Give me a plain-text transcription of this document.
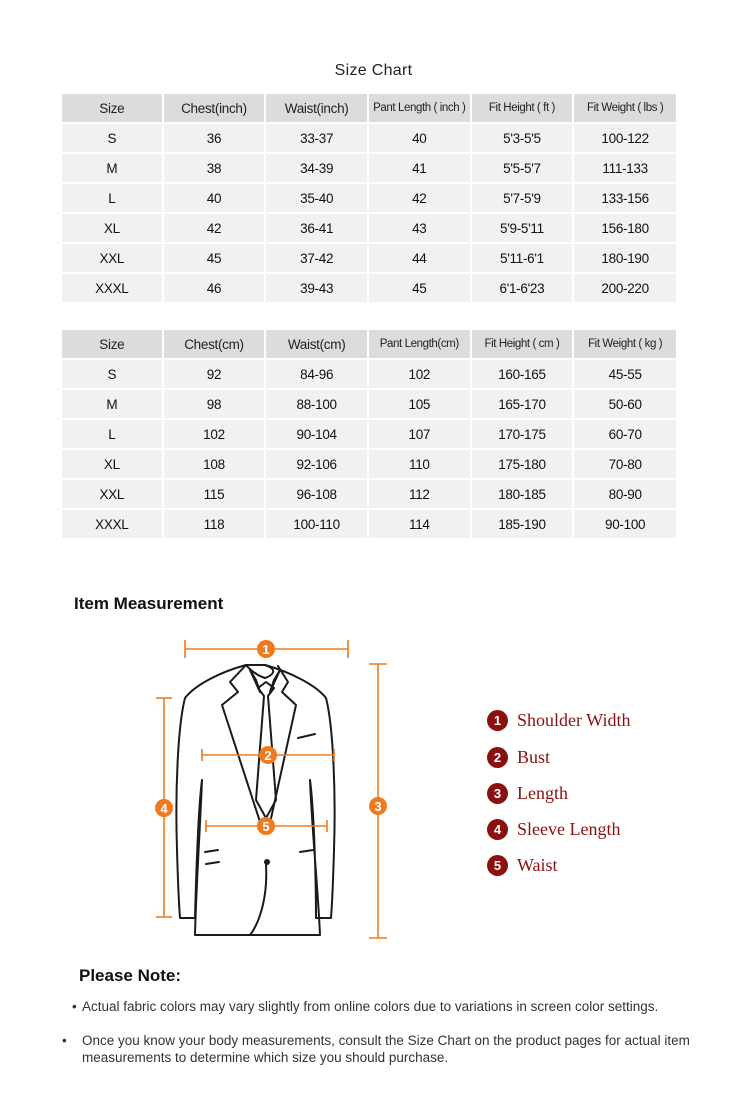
Size Chart
Size	Chest(inch)	Waist(inch)	Pant Length ( inch )	Fit Height ( ft )	Fit Weight ( lbs )
S	36	33-37	40	5'3-5'5	100-122
M	38	34-39	41	5'5-5'7	111-133
L	40	35-40	42	5'7-5'9	133-156
XL	42	36-41	43	5'9-5'11	156-180
XXL	45	37-42	44	5'11-6'1	180-190
XXXL	46	39-43	45	6'1-6'23	200-220
Size	Chest(cm)	Waist(cm)	Pant Length(cm)	Fit Height ( cm )	Fit Weight ( kg )
S	92	84-96	102	160-165	45-55
M	98	88-100	105	165-170	50-60
L	102	90-104	107	170-175	60-70
XL	108	92-106	110	175-180	70-80
XXL	115	96-108	112	180-185	80-90
XXXL	118	100-110	114	185-190	90-100
Item Measurement
1
2
3
4
5
1 Shoulder Width
2 Bust
3 Length
4 Sleeve Length
5 Waist
Please Note:
• Actual fabric colors may vary slightly from online colors due to variations in screen color settings.
• Once you know your body measurements, consult the Size Chart on the product pages for actual item measurements to determine which size you should purchase.
